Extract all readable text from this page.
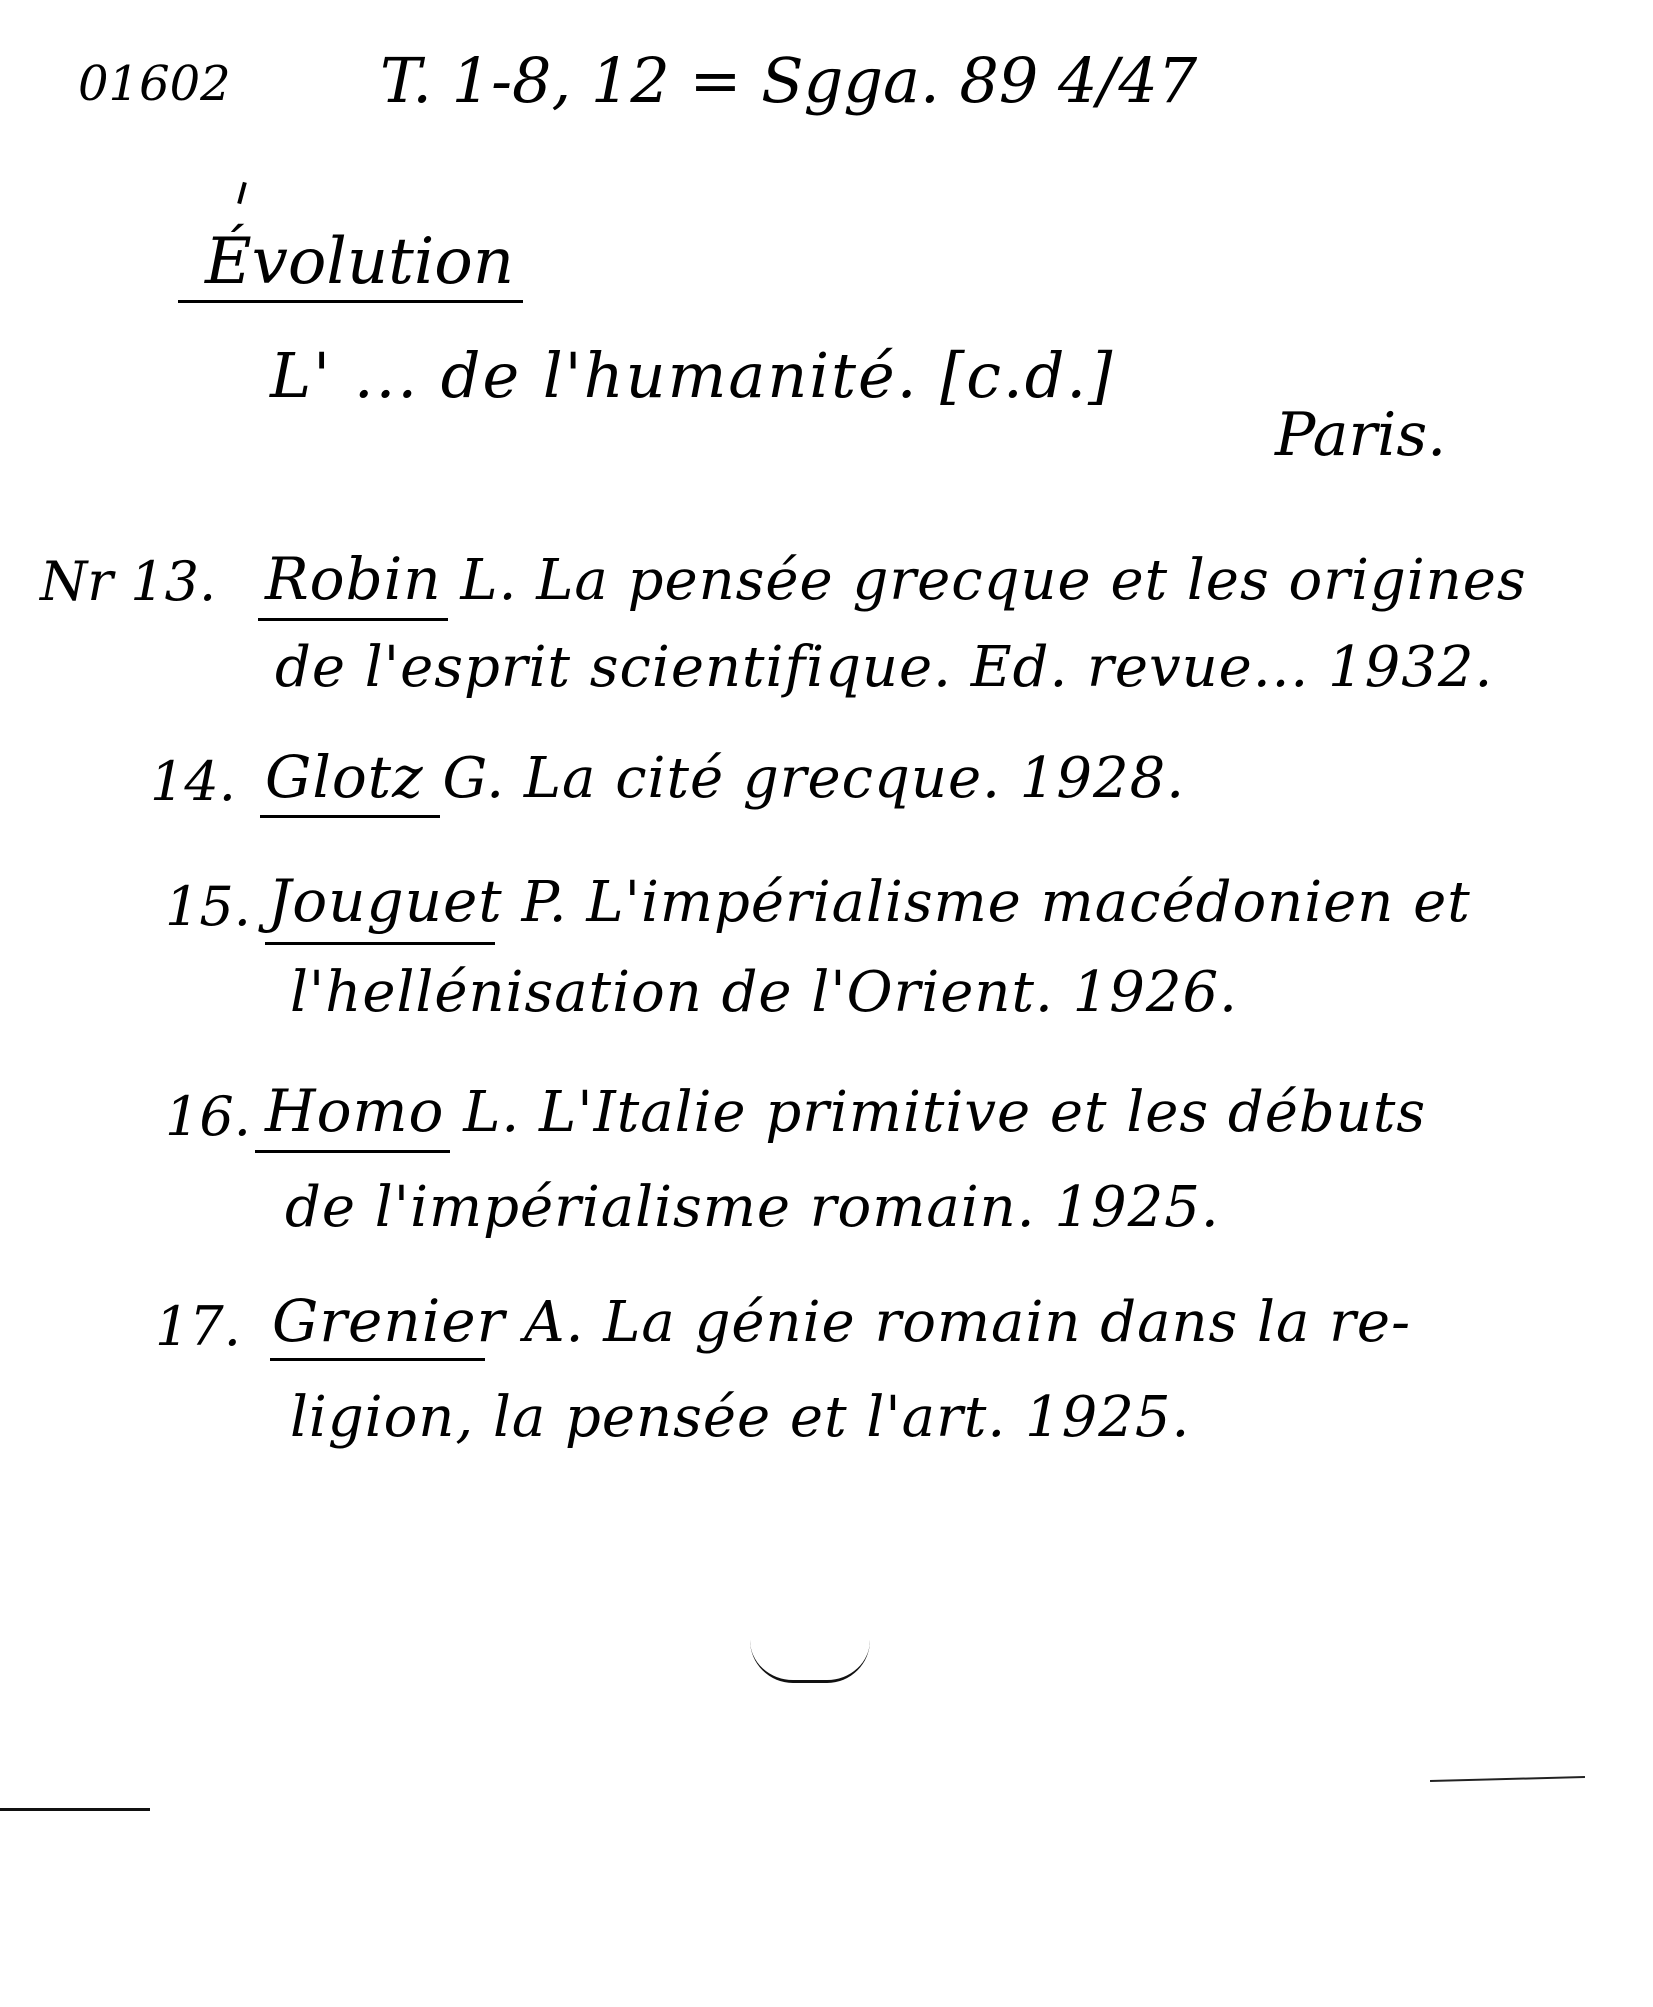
01602 T. 1-8, 12 = Sgga. 89 4/47
Évolution
L' ... de l'humanité. [c.d.]
Paris.
Nr 13. Robin L. La pensée grecque et les origines
de l'esprit scientifique. Ed. revue... 1932.
14. Glotz G. La cité grecque. 1928.
15. Jouguet P. L'impérialisme macédonien et
l'hellénisation de l'Orient. 1926.
16. Homo L. L'Italie primitive et les débuts
de l'impérialisme romain. 1925.
17. Grenier A. La génie romain dans la re-
ligion, la pensée et l'art. 1925.
